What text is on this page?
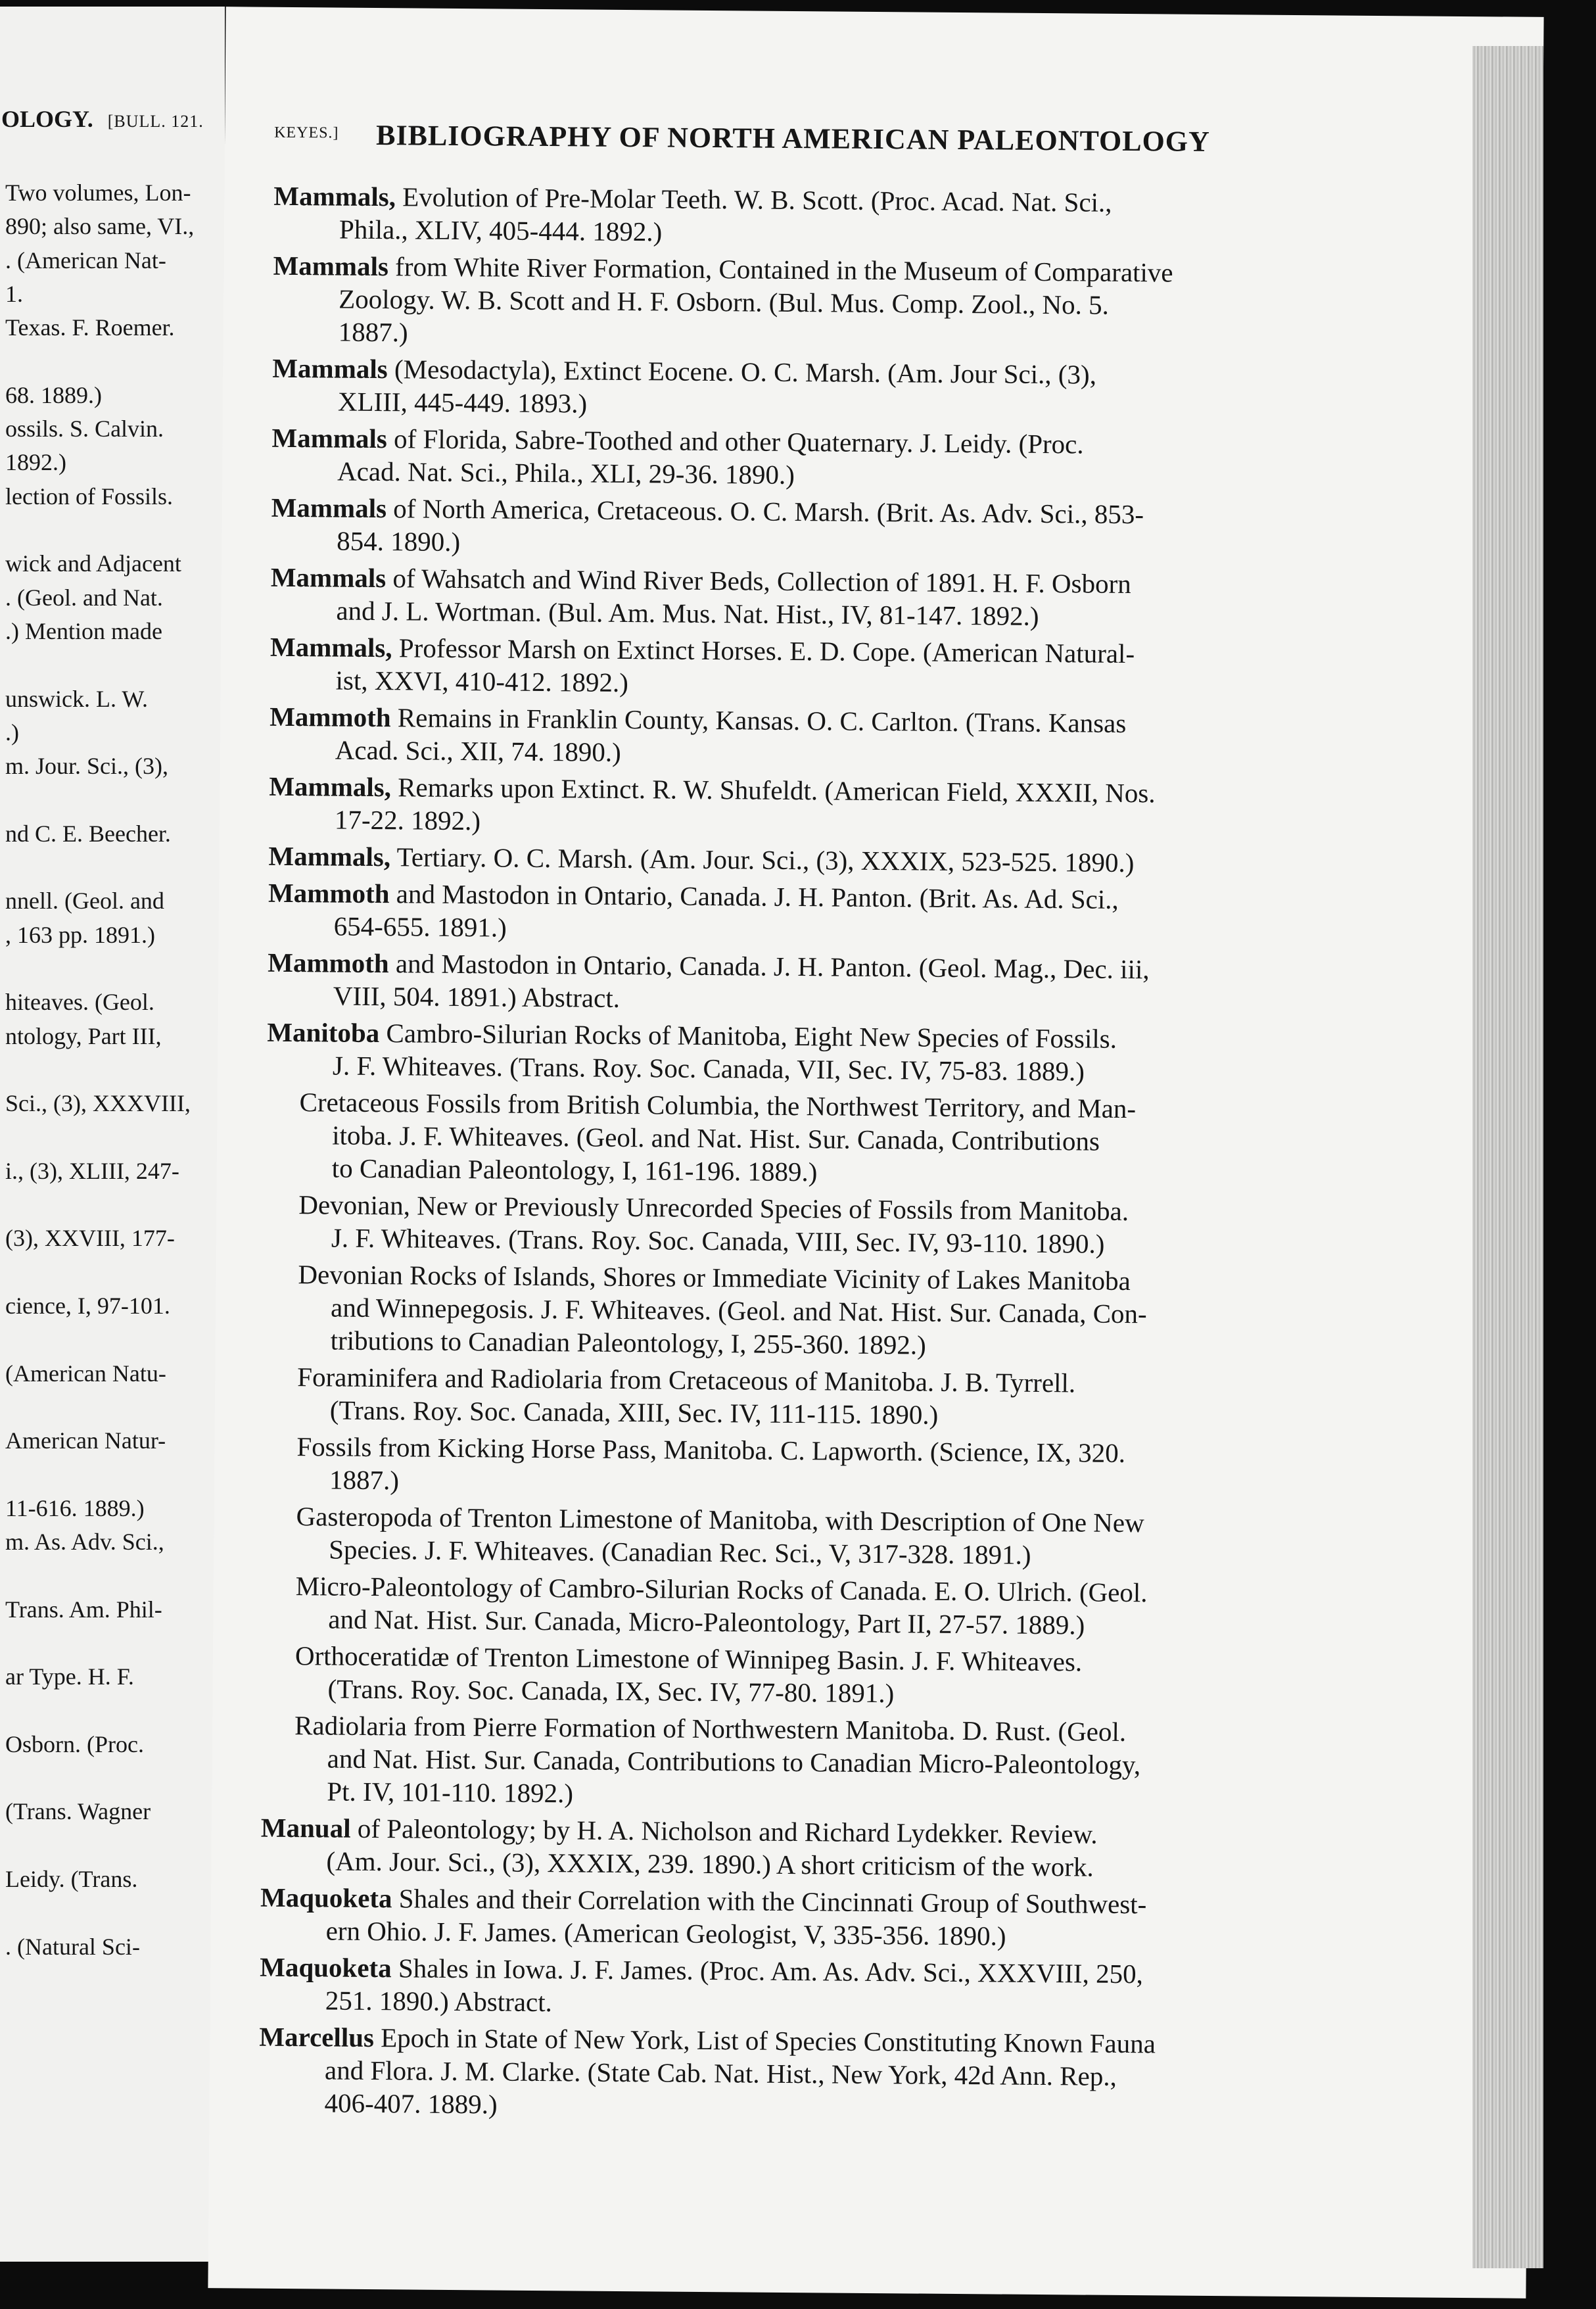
OLOGY. [BULL. 121.
Two volumes, Lon-
890; also same, VI.,
. (American Nat-
1.
Texas. F. Roemer.
68. 1889.)
ossils. S. Calvin.
1892.)
lection of Fossils.
wick and Adjacent
. (Geol. and Nat.
.) Mention made
unswick. L. W.
.)
m. Jour. Sci., (3),
nd C. E. Beecher.
nnell. (Geol. and
, 163 pp. 1891.)
hiteaves. (Geol.
ntology, Part III,
Sci., (3), XXXVIII,
i., (3), XLIII, 247-
(3), XXVIII, 177-
cience, I, 97-101.
(American Natu-
American Natur-
11-616. 1889.)
m. As. Adv. Sci.,
Trans. Am. Phil-
ar Type. H. F.
Osborn. (Proc.
(Trans. Wagner
Leidy. (Trans.
. (Natural Sci-
KEYES.] BIBLIOGRAPHY OF NORTH AMERICAN PALEONTOLOGY
Mammals, Evolution of Pre-Molar Teeth. W. B. Scott. (Proc. Acad. Nat. Sci.,
Phila., XLIV, 405-444. 1892.)
Mammals from White River Formation, Contained in the Museum of Comparative
Zoology. W. B. Scott and H. F. Osborn. (Bul. Mus. Comp. Zool., No. 5.
1887.)
Mammals (Mesodactyla), Extinct Eocene. O. C. Marsh. (Am. Jour Sci., (3),
XLIII, 445-449. 1893.)
Mammals of Florida, Sabre-Toothed and other Quaternary. J. Leidy. (Proc.
Acad. Nat. Sci., Phila., XLI, 29-36. 1890.)
Mammals of North America, Cretaceous. O. C. Marsh. (Brit. As. Adv. Sci., 853-
854. 1890.)
Mammals of Wahsatch and Wind River Beds, Collection of 1891. H. F. Osborn
and J. L. Wortman. (Bul. Am. Mus. Nat. Hist., IV, 81-147. 1892.)
Mammals, Professor Marsh on Extinct Horses. E. D. Cope. (American Natural-
ist, XXVI, 410-412. 1892.)
Mammoth Remains in Franklin County, Kansas. O. C. Carlton. (Trans. Kansas
Acad. Sci., XII, 74. 1890.)
Mammals, Remarks upon Extinct. R. W. Shufeldt. (American Field, XXXII, Nos.
17-22. 1892.)
Mammals, Tertiary. O. C. Marsh. (Am. Jour. Sci., (3), XXXIX, 523-525. 1890.)
Mammoth and Mastodon in Ontario, Canada. J. H. Panton. (Brit. As. Ad. Sci.,
654-655. 1891.)
Mammoth and Mastodon in Ontario, Canada. J. H. Panton. (Geol. Mag., Dec. iii,
VIII, 504. 1891.) Abstract.
Manitoba Cambro-Silurian Rocks of Manitoba, Eight New Species of Fossils.
J. F. Whiteaves. (Trans. Roy. Soc. Canada, VII, Sec. IV, 75-83. 1889.)
Cretaceous Fossils from British Columbia, the Northwest Territory, and Man-
itoba. J. F. Whiteaves. (Geol. and Nat. Hist. Sur. Canada, Contributions
to Canadian Paleontology, I, 161-196. 1889.)
Devonian, New or Previously Unrecorded Species of Fossils from Manitoba.
J. F. Whiteaves. (Trans. Roy. Soc. Canada, VIII, Sec. IV, 93-110. 1890.)
Devonian Rocks of Islands, Shores or Immediate Vicinity of Lakes Manitoba
and Winnepegosis. J. F. Whiteaves. (Geol. and Nat. Hist. Sur. Canada, Con-
tributions to Canadian Paleontology, I, 255-360. 1892.)
Foraminifera and Radiolaria from Cretaceous of Manitoba. J. B. Tyrrell.
(Trans. Roy. Soc. Canada, XIII, Sec. IV, 111-115. 1890.)
Fossils from Kicking Horse Pass, Manitoba. C. Lapworth. (Science, IX, 320.
1887.)
Gasteropoda of Trenton Limestone of Manitoba, with Description of One New
Species. J. F. Whiteaves. (Canadian Rec. Sci., V, 317-328. 1891.)
Micro-Paleontology of Cambro-Silurian Rocks of Canada. E. O. Ulrich. (Geol.
and Nat. Hist. Sur. Canada, Micro-Paleontology, Part II, 27-57. 1889.)
Orthoceratidæ of Trenton Limestone of Winnipeg Basin. J. F. Whiteaves.
(Trans. Roy. Soc. Canada, IX, Sec. IV, 77-80. 1891.)
Radiolaria from Pierre Formation of Northwestern Manitoba. D. Rust. (Geol.
and Nat. Hist. Sur. Canada, Contributions to Canadian Micro-Paleontology,
Pt. IV, 101-110. 1892.)
Manual of Paleontology; by H. A. Nicholson and Richard Lydekker. Review.
(Am. Jour. Sci., (3), XXXIX, 239. 1890.) A short criticism of the work.
Maquoketa Shales and their Correlation with the Cincinnati Group of Southwest-
ern Ohio. J. F. James. (American Geologist, V, 335-356. 1890.)
Maquoketa Shales in Iowa. J. F. James. (Proc. Am. As. Adv. Sci., XXXVIII, 250,
251. 1890.) Abstract.
Marcellus Epoch in State of New York, List of Species Constituting Known Fauna
and Flora. J. M. Clarke. (State Cab. Nat. Hist., New York, 42d Ann. Rep.,
406-407. 1889.)
